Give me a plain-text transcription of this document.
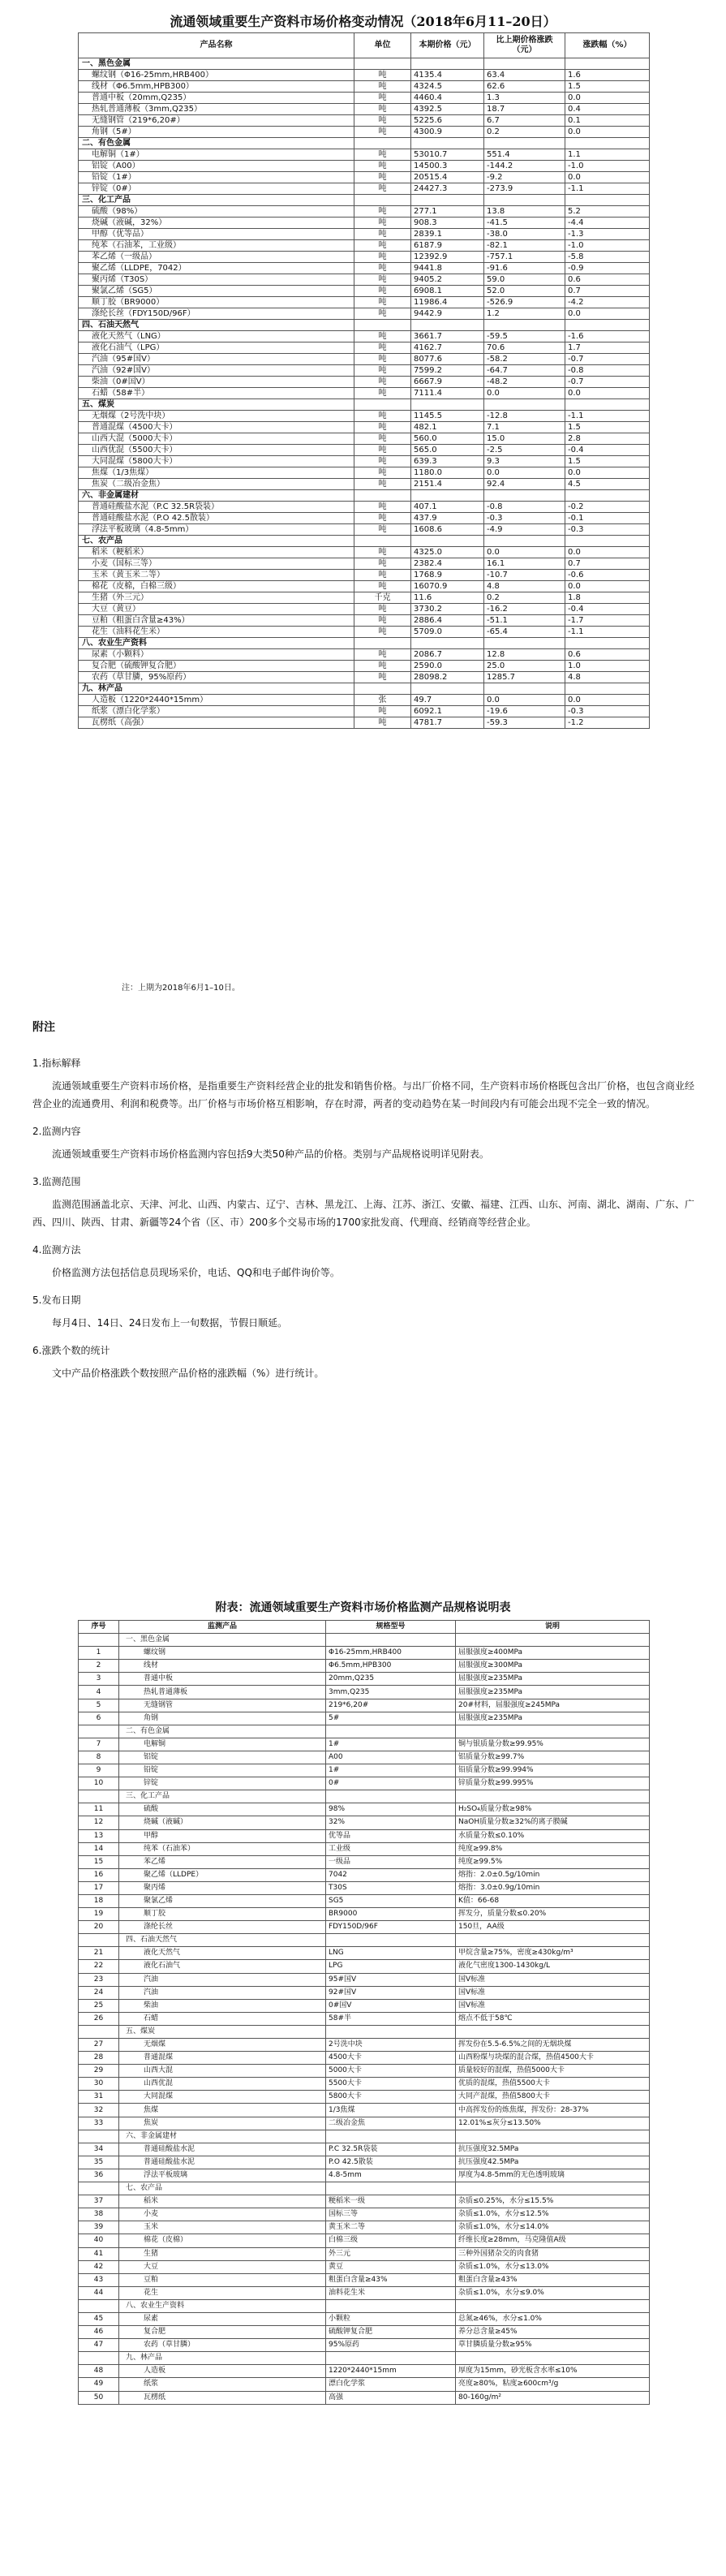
流通领域重要生产资料市场价格变动情况（2018年6月11–20日）
产品名称	单位	本期价格（元）	比上期价格涨跌（元）	涨跌幅（%）
一、黑色金属				
螺纹钢（Φ16-25mm,HRB400）	吨	4135.4	63.4	1.6
线材（Φ6.5mm,HPB300）	吨	4324.5	62.6	1.5
普通中板（20mm,Q235）	吨	4460.4	1.3	0.0
热轧普通薄板（3mm,Q235）	吨	4392.5	18.7	0.4
无缝钢管（219*6,20#）	吨	5225.6	6.7	0.1
角钢（5#）	吨	4300.9	0.2	0.0
二、有色金属				
电解铜（1#）	吨	53010.7	551.4	1.1
铝锭（A00）	吨	14500.3	-144.2	-1.0
铅锭（1#）	吨	20515.4	-9.2	0.0
锌锭（0#）	吨	24427.3	-273.9	-1.1
三、化工产品				
硫酸（98%）	吨	277.1	13.8	5.2
烧碱（液碱，32%）	吨	908.3	-41.5	-4.4
甲醇（优等品）	吨	2839.1	-38.0	-1.3
纯苯（石油苯，工业级）	吨	6187.9	-82.1	-1.0
苯乙烯（一级品）	吨	12392.9	-757.1	-5.8
聚乙烯（LLDPE，7042）	吨	9441.8	-91.6	-0.9
聚丙烯（T30S）	吨	9405.2	59.0	0.6
聚氯乙烯（SG5）	吨	6908.1	52.0	0.7
顺丁胶（BR9000）	吨	11986.4	-526.9	-4.2
涤纶长丝（FDY150D/96F）	吨	9442.9	1.2	0.0
四、石油天然气				
液化天然气（LNG）	吨	3661.7	-59.5	-1.6
液化石油气（LPG）	吨	4162.7	70.6	1.7
汽油（95#国Ⅴ）	吨	8077.6	-58.2	-0.7
汽油（92#国Ⅴ）	吨	7599.2	-64.7	-0.8
柴油（0#国Ⅴ）	吨	6667.9	-48.2	-0.7
石蜡（58#半）	吨	7111.4	0.0	0.0
五、煤炭				
无烟煤（2号洗中块）	吨	1145.5	-12.8	-1.1
普通混煤（4500大卡）	吨	482.1	7.1	1.5
山西大混（5000大卡）	吨	560.0	15.0	2.8
山西优混（5500大卡）	吨	565.0	-2.5	-0.4
大同混煤（5800大卡）	吨	639.3	9.3	1.5
焦煤（1/3焦煤）	吨	1180.0	0.0	0.0
焦炭（二级冶金焦）	吨	2151.4	92.4	4.5
六、非金属建材				
普通硅酸盐水泥（P.C 32.5R袋装）	吨	407.1	-0.8	-0.2
普通硅酸盐水泥（P.O 42.5散装）	吨	437.9	-0.3	-0.1
浮法平板玻璃（4.8-5mm）	吨	1608.6	-4.9	-0.3
七、农产品				
稻米（粳稻米）	吨	4325.0	0.0	0.0
小麦（国标三等）	吨	2382.4	16.1	0.7
玉米（黄玉米二等）	吨	1768.9	-10.7	-0.6
棉花（皮棉，白棉三级）	吨	16070.9	4.8	0.0
生猪（外三元）	千克	11.6	0.2	1.8
大豆（黄豆）	吨	3730.2	-16.2	-0.4
豆粕（粗蛋白含量≥43%）	吨	2886.4	-51.1	-1.7
花生（油料花生米）	吨	5709.0	-65.4	-1.1
八、农业生产资料				
尿素（小颗料）	吨	2086.7	12.8	0.6
复合肥（硫酸钾复合肥）	吨	2590.0	25.0	1.0
农药（草甘膦，95%原药）	吨	28098.2	1285.7	4.8
九、林产品				
人造板（1220*2440*15mm）	张	49.7	0.0	0.0
纸浆（漂白化学浆）	吨	6092.1	-19.6	-0.3
瓦楞纸（高强）	吨	4781.7	-59.3	-1.2
注：上期为2018年6月1–10日。
附注
1.指标解释

流通领域重要生产资料市场价格，是指重要生产资料经营企业的批发和销售价格。与出厂价格不同，生产资料市场价格既包含出厂价格，也包含商业经营企业的流通费用、利润和税费等。出厂价格与市场价格互相影响，存在时滞，两者的变动趋势在某一时间段内有可能会出现不完全一致的情况。

2.监测内容

流通领域重要生产资料市场价格监测内容包括9大类50种产品的价格。类别与产品规格说明详见附表。

3.监测范围

监测范围涵盖北京、天津、河北、山西、内蒙古、辽宁、吉林、黑龙江、上海、江苏、浙江、安徽、福建、江西、山东、河南、湖北、湖南、广东、广西、四川、陕西、甘肃、新疆等24个省（区、市）200多个交易市场的1700家批发商、代理商、经销商等经营企业。

4.监测方法

价格监测方法包括信息员现场采价，电话、QQ和电子邮件询价等。

5.发布日期

每月4日、14日、24日发布上一旬数据，节假日顺延。

6.涨跌个数的统计

文中产品价格涨跌个数按照产品价格的涨跌幅（%）进行统计。

附表：流通领域重要生产资料市场价格监测产品规格说明表
序号	监测产品	规格型号	说明
	一、黑色金属		
1	螺纹钢	Φ16-25mm,HRB400	屈服强度≥400MPa
2	线材	Φ6.5mm,HPB300	屈服强度≥300MPa
3	普通中板	20mm,Q235	屈服强度≥235MPa
4	热轧普通薄板	3mm,Q235	屈服强度≥235MPa
5	无缝钢管	219*6,20#	20#材料，屈服强度≥245MPa
6	角钢	5#	屈服强度≥235MPa
	二、有色金属		
7	电解铜	1#	铜与银质量分数≥99.95%
8	铝锭	A00	铝质量分数≥99.7%
9	铅锭	1#	铅质量分数≥99.994%
10	锌锭	0#	锌质量分数≥99.995%
	三、化工产品		
11	硫酸	98%	H₂SO₄质量分数≥98%
12	烧碱（液碱）	32%	NaOH质量分数≥32%的离子膜碱
13	甲醇	优等品	水质量分数≤0.10%
14	纯苯（石油苯）	工业级	纯度≥99.8%
15	苯乙烯	一级品	纯度≥99.5%
16	聚乙烯（LLDPE）	7042	熔指：2.0±0.5g/10min
17	聚丙烯	T30S	熔指：3.0±0.9g/10min
18	聚氯乙烯	SG5	K值：66-68
19	顺丁胶	BR9000	挥发分，质量分数≤0.20%
20	涤纶长丝	FDY150D/96F	150旦，AA级
	四、石油天然气		
21	液化天然气	LNG	甲烷含量≥75%，密度≥430kg/m³
22	液化石油气	LPG	液化气密度1300-1430kg/L
23	汽油	95#国Ⅴ	国Ⅴ标准
24	汽油	92#国Ⅴ	国Ⅴ标准
25	柴油	0#国Ⅴ	国Ⅴ标准
26	石蜡	58#半	熔点不低于58℃
	五、煤炭		
27	无烟煤	2号洗中块	挥发份在5.5-6.5%之间的无烟块煤
28	普通混煤	4500大卡	山西粉煤与块煤的混合煤，热值4500大卡
29	山西大混	5000大卡	质量较好的混煤，热值5000大卡
30	山西优混	5500大卡	优质的混煤，热值5500大卡
31	大同混煤	5800大卡	大同产混煤，热值5800大卡
32	焦煤	1/3焦煤	中高挥发份的炼焦煤，挥发份：28-37%
33	焦炭	二级冶金焦	12.01%≤灰分≤13.50%
	六、非金属建材		
34	普通硅酸盐水泥	P.C 32.5R袋装	抗压强度32.5MPa
35	普通硅酸盐水泥	P.O 42.5散装	抗压强度42.5MPa
36	浮法平板玻璃	4.8-5mm	厚度为4.8-5mm的无色透明玻璃
	七、农产品		
37	稻米	粳稻米一级	杂质≤0.25%，水分≤15.5%
38	小麦	国标三等	杂质≤1.0%，水分≤12.5%
39	玉米	黄玉米二等	杂质≤1.0%，水分≤14.0%
40	棉花（皮棉）	白棉三级	纤维长度≥28mm，马克隆值A级
41	生猪	外三元	三种外国猪杂交的肉食猪
42	大豆	黄豆	杂质≤1.0%，水分≤13.0%
43	豆粕	粗蛋白含量≥43%	粗蛋白含量≥43%
44	花生	油料花生米	杂质≤1.0%，水分≤9.0%
	八、农业生产资料		
45	尿素	小颗粒	总氮≥46%，水分≤1.0%
46	复合肥	硫酸钾复合肥	养分总含量≥45%
47	农药（草甘膦）	95%原药	草甘膦质量分数≥95%
	九、林产品		
48	人造板	1220*2440*15mm	厚度为15mm，砂光板含水率≤10%
49	纸浆	漂白化学浆	亮度≥80%，粘度≥600cm³/g
50	瓦楞纸	高强	80-160g/m²
